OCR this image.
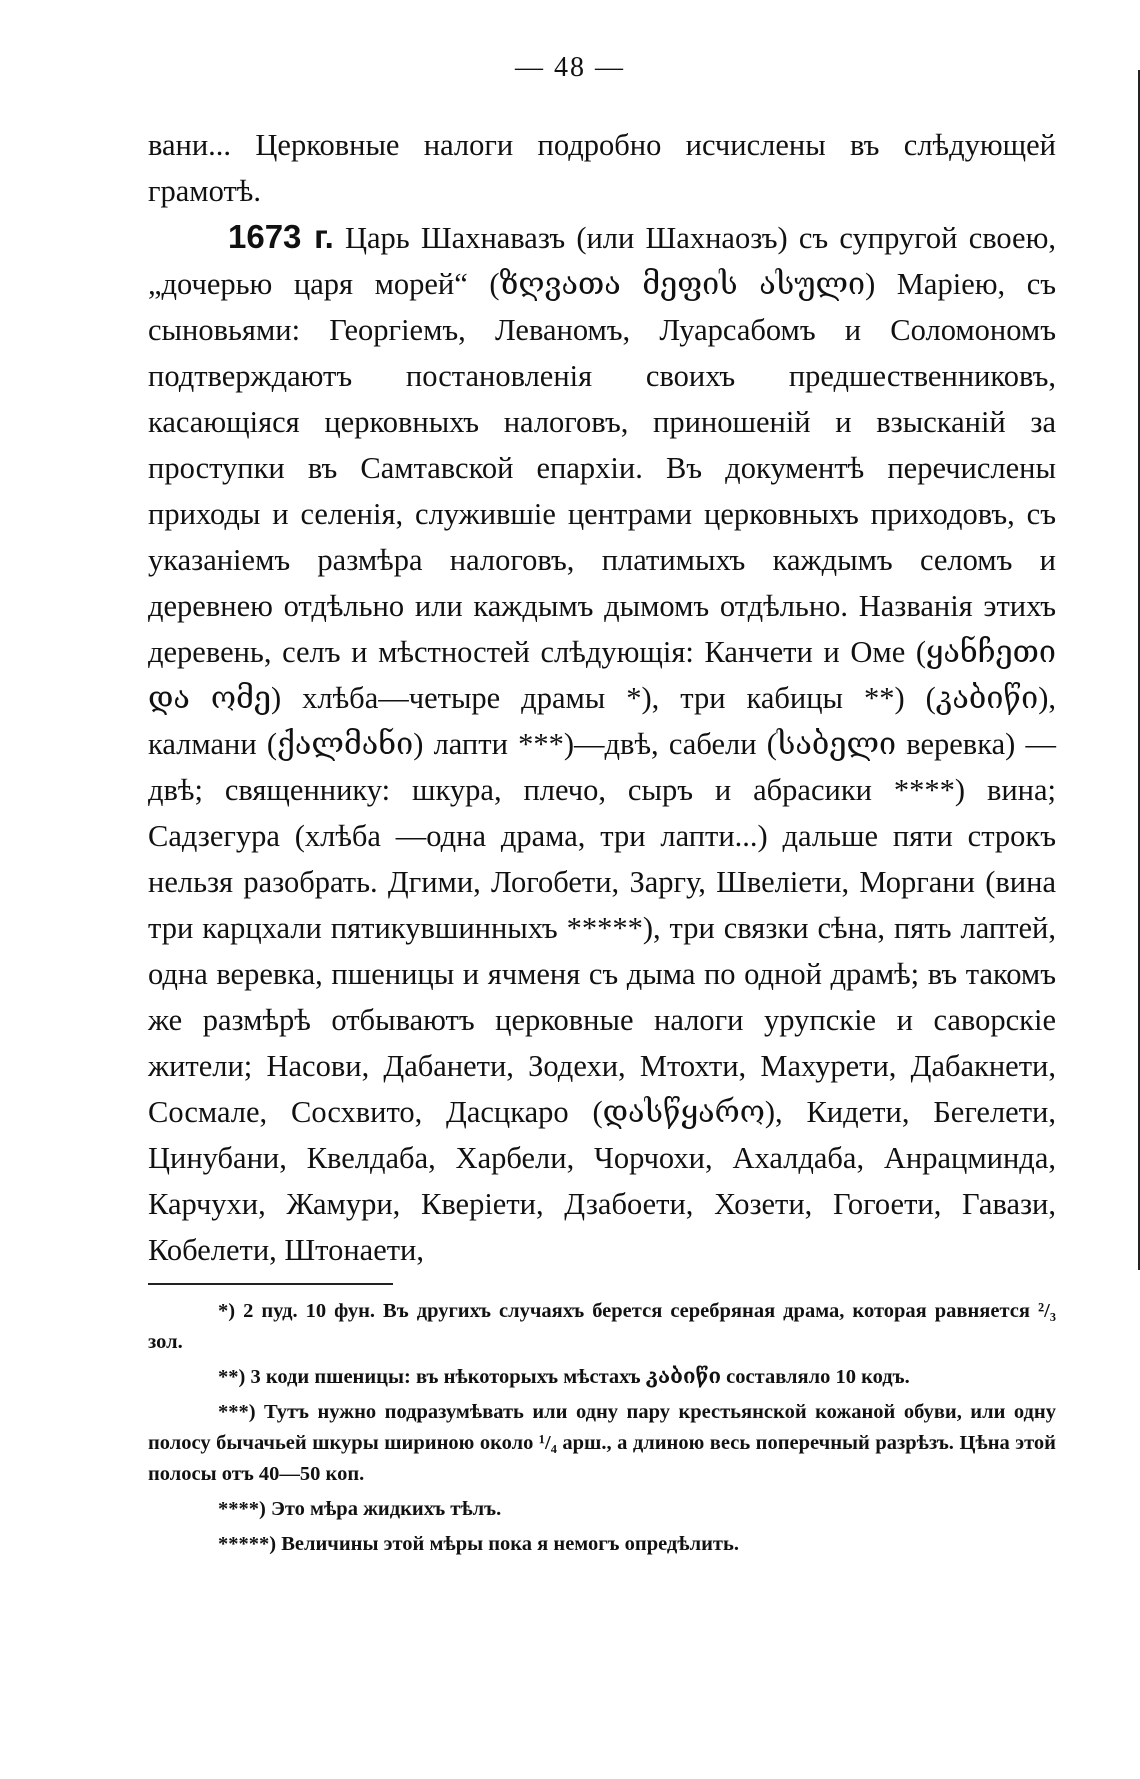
— 48 —

вани... Церковные налоги подробно исчислены въ слѣдующей грамотѣ.

1673 г. Царь Шахнавазъ (или Шахнаозъ) съ супругой своею, „дочерью царя морей“ (ზღვათა მეფის ასული) Маріею, съ сыновьями: Георгіемъ, Леваномъ, Луарсабомъ и Соломономъ подтверждаютъ постановленія своихъ предшественниковъ, касающіяся церковныхъ налоговъ, приношеній и взысканій за проступки въ Самтавской епархіи. Въ документѣ перечислены приходы и селенія, служившіе центрами церковныхъ приходовъ, съ указаніемъ размѣра налоговъ, платимыхъ каждымъ селомъ и деревнею отдѣльно или каждымъ дымомъ отдѣльно. Названія этихъ деревень, селъ и мѣстностей слѣдующія: Канчети и Оме (ყანჩეთი და ომე) хлѣба—четыре драмы *), три кабицы **) (კაბიწი), калмани (ქალმანი) лапти ***)—двѣ, сабели (საბელი веревка) — двѣ; священнику: шкура, плечо, сыръ и абрасики ****) вина; Садзегура (хлѣба —одна драма, три лапти...) дальше пяти строкъ нельзя разобрать. Дгими, Логобети, Заргу, Швеліети, Моргани (вина три карцхали пятикувшинныхъ *****), три связки сѣна, пять лаптей, одна веревка, пшеницы и ячменя съ дыма по одной драмѣ; въ такомъ же размѣрѣ отбываютъ церковные налоги урупскіе и саворскіе жители; Насови, Дабанети, Зодехи, Мтохти, Махурети, Дабакнети, Сосмале, Сосхвито, Дасцкаро (დასწყარო), Кидети, Бегелети, Цинубани, Квелдаба, Харбели, Чорчохи, Ахалдаба, Анрацминда, Карчухи, Жамури, Кверіети, Дзабоети, Хозети, Гогоети, Гавази, Кобелети, Штонаети,

*) 2 пуд. 10 фун. Въ другихъ случаяхъ берется серебряная драма, которая равняется ²/₃ зол.

**) 3 коди пшеницы: въ нѣкоторыхъ мѣстахъ კაბიწი составляло 10 кодъ.

***) Тутъ нужно подразумѣвать или одну пару крестьянской кожаной обуви, или одну полосу бычачьей шкуры шириною около ¹/₄ арш., а длиною весь поперечный разрѣзъ. Цѣна этой полосы отъ 40—50 коп.

****) Это мѣра жидкихъ тѣлъ.

*****) Величины этой мѣры пока я немогъ опредѣлить.
